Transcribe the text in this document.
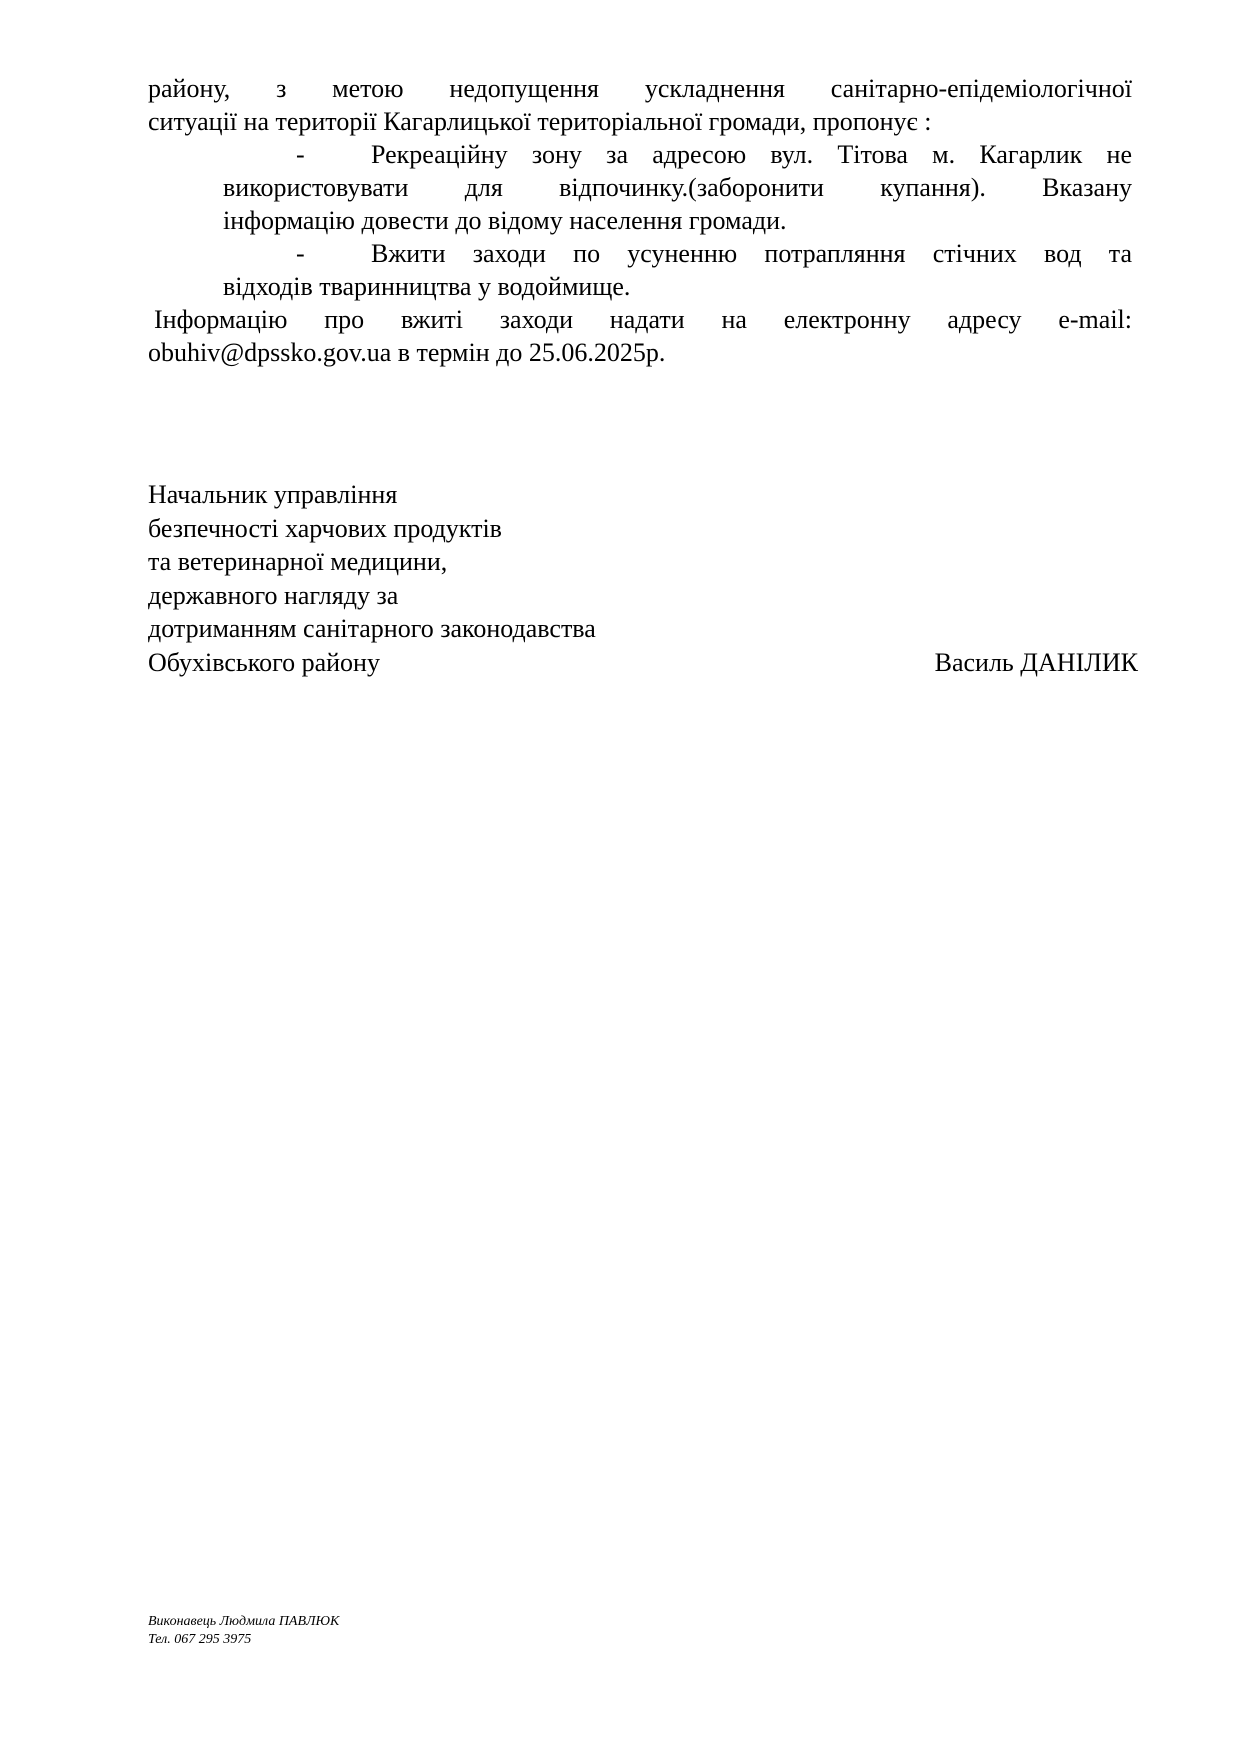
району, з метою недопущення ускладнення санітарно-епідеміологічної
ситуації на території Кагарлицької територіальної громади, пропонує :

-	Рекреаційну зону за адресою вул. Тітова м. Кагарлик не
використовувати для відпочинку.(заборонити купання). Вказану
інформацію довести до відому населення громади.
-	Вжити заходи по усуненню потрапляння стічних вод та
відходів тваринництва у водоймище.

Інформацію про вжиті заходи надати на електронну адресу e-mail:
obuhiv@dpssko.gov.ua в термін до 25.06.2025р.

Начальник управління
безпечності харчових продуктів
та ветеринарної медицини,
державного нагляду за
дотриманням санітарного законодавства
Обухівського району	Василь ДАНІЛИК
Виконавець Людмила ПАВЛЮК
Тел. 067 295 3975
